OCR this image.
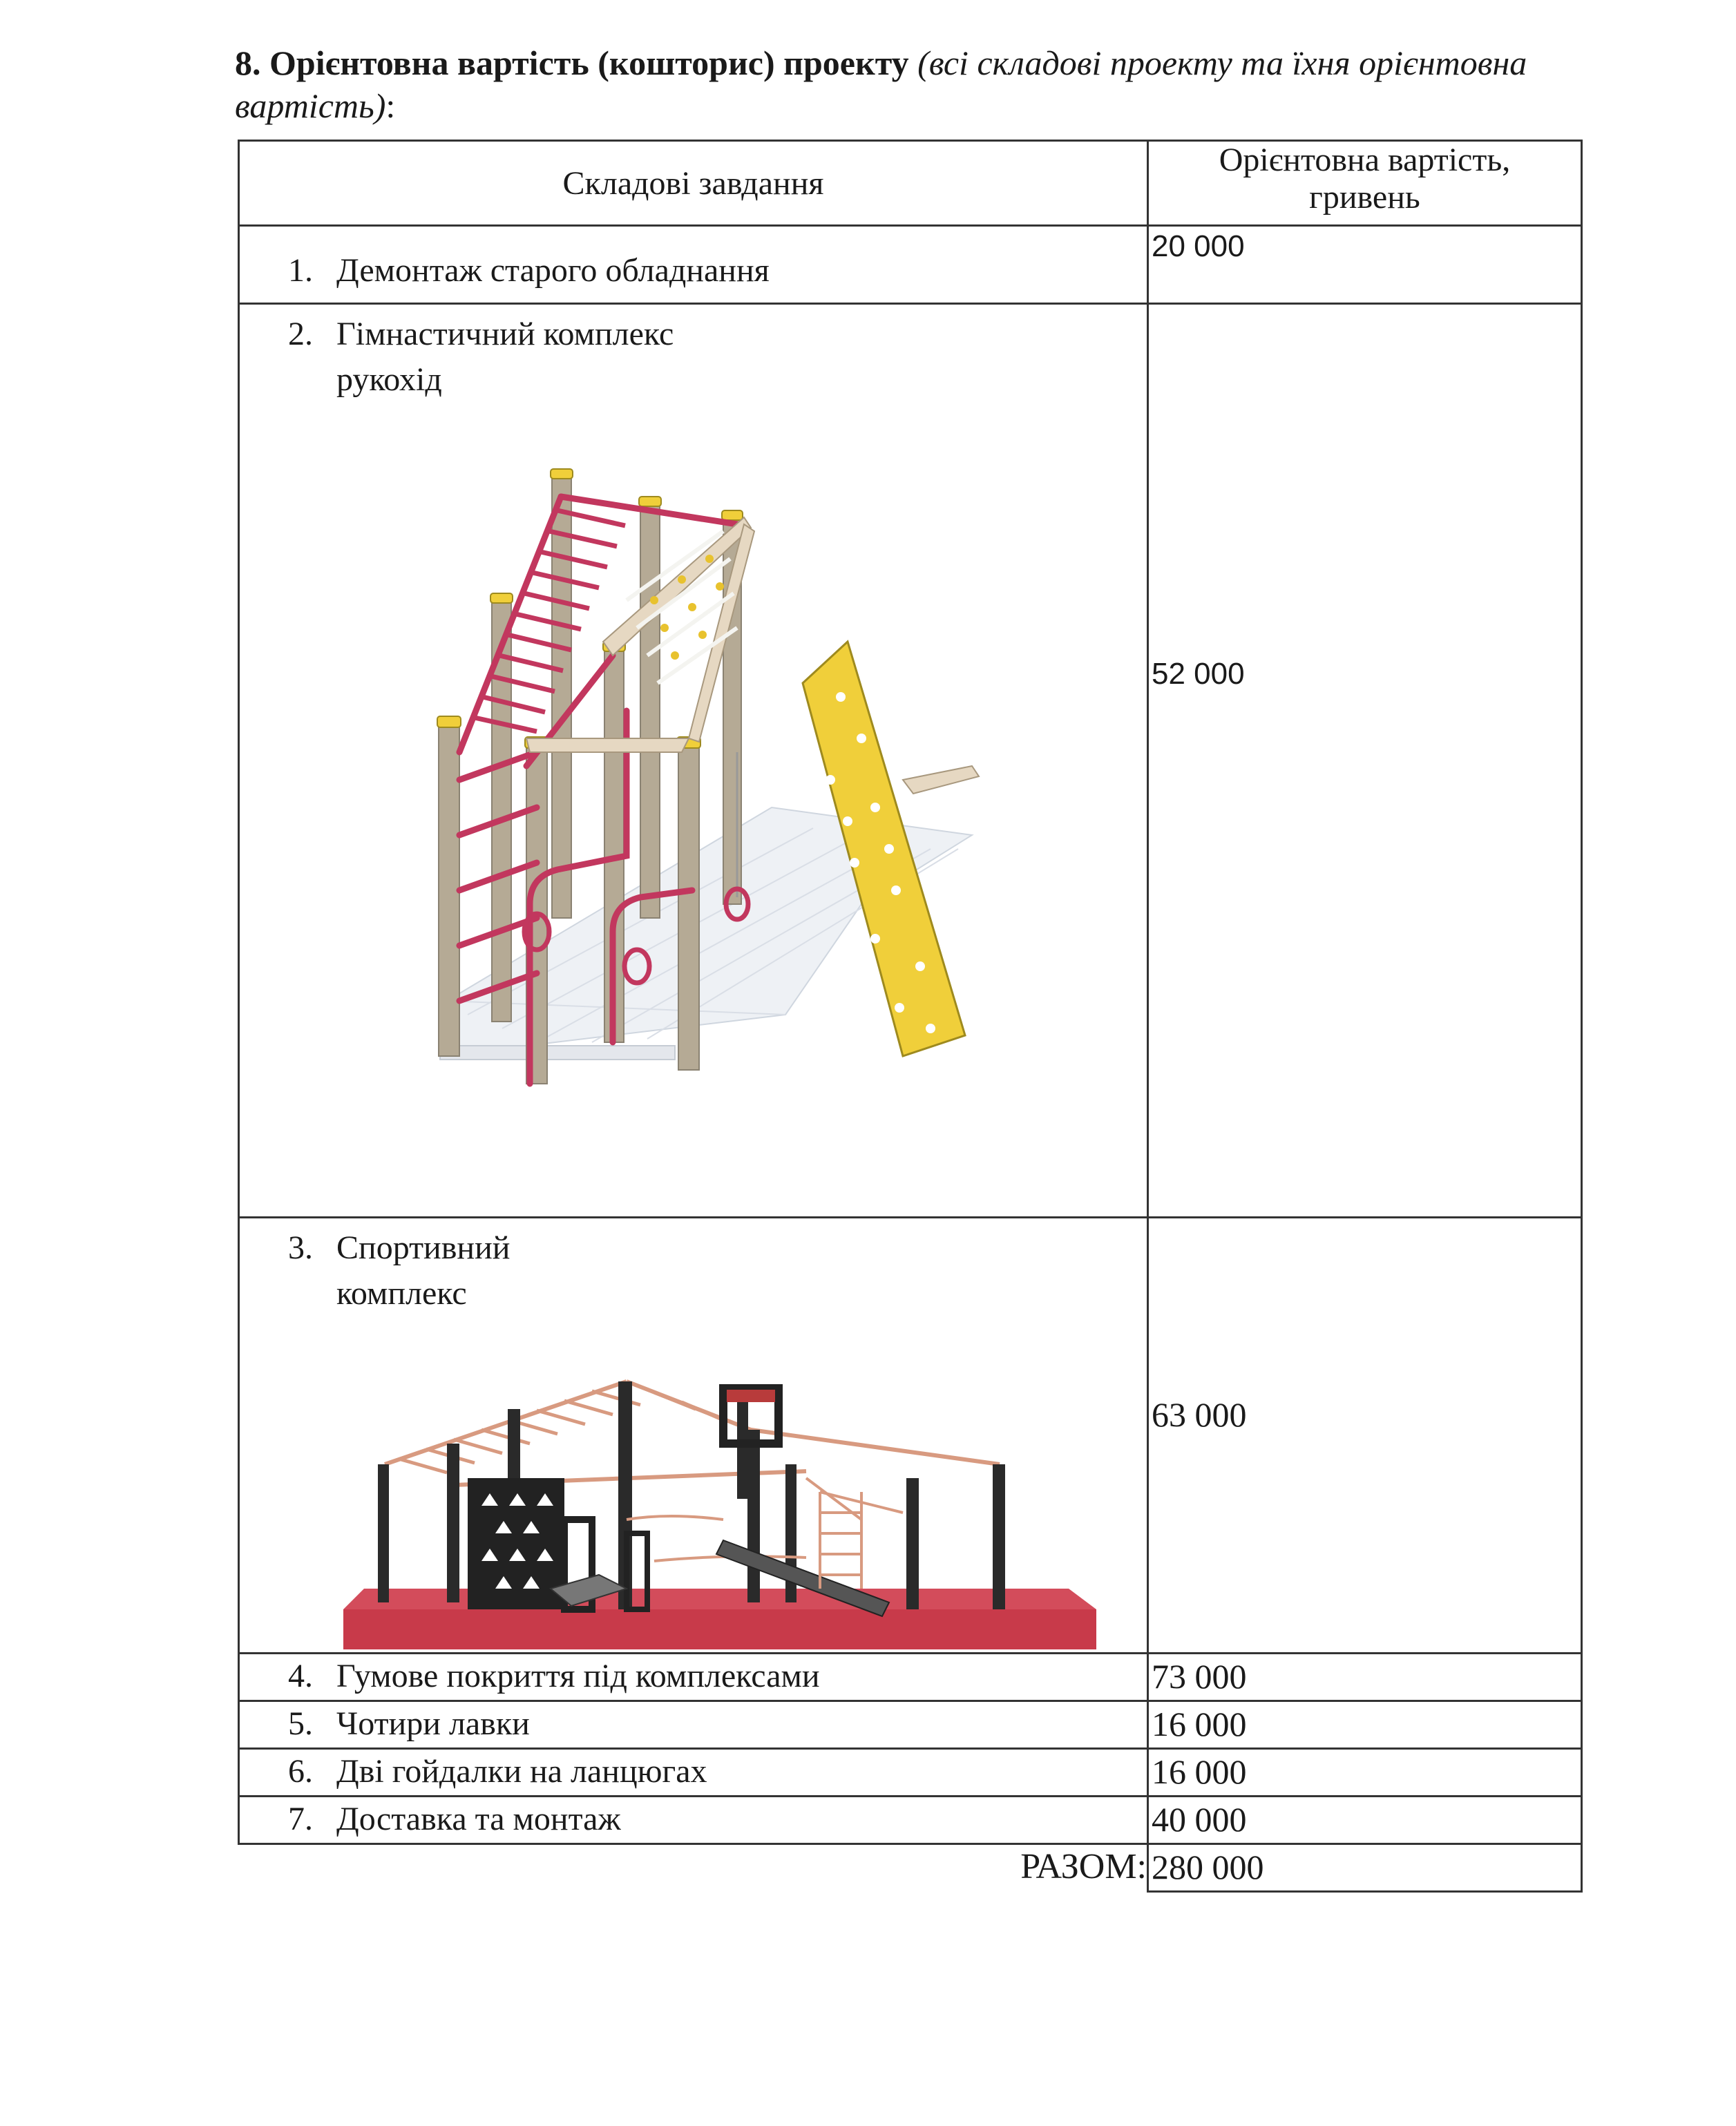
8. Орієнтовна вартість (кошторис) проекту (всі складові проекту та їхня орієнтовна вартість):
Складові завдання	Орієнтовна вартість,
гривень

1. Демонтаж старого обладнання	20 000

2. Гімнастичний комплекс
рукохід	52 000

3. Спортивний
комплекс	63 000

4. Гумове покриття під комплексами	73 000

5. Чотири лавки	16 000

6. Дві гойдалки на ланцюгах	16 000

7. Доставка та монтаж	40 000

РАЗОМ:	280 000
